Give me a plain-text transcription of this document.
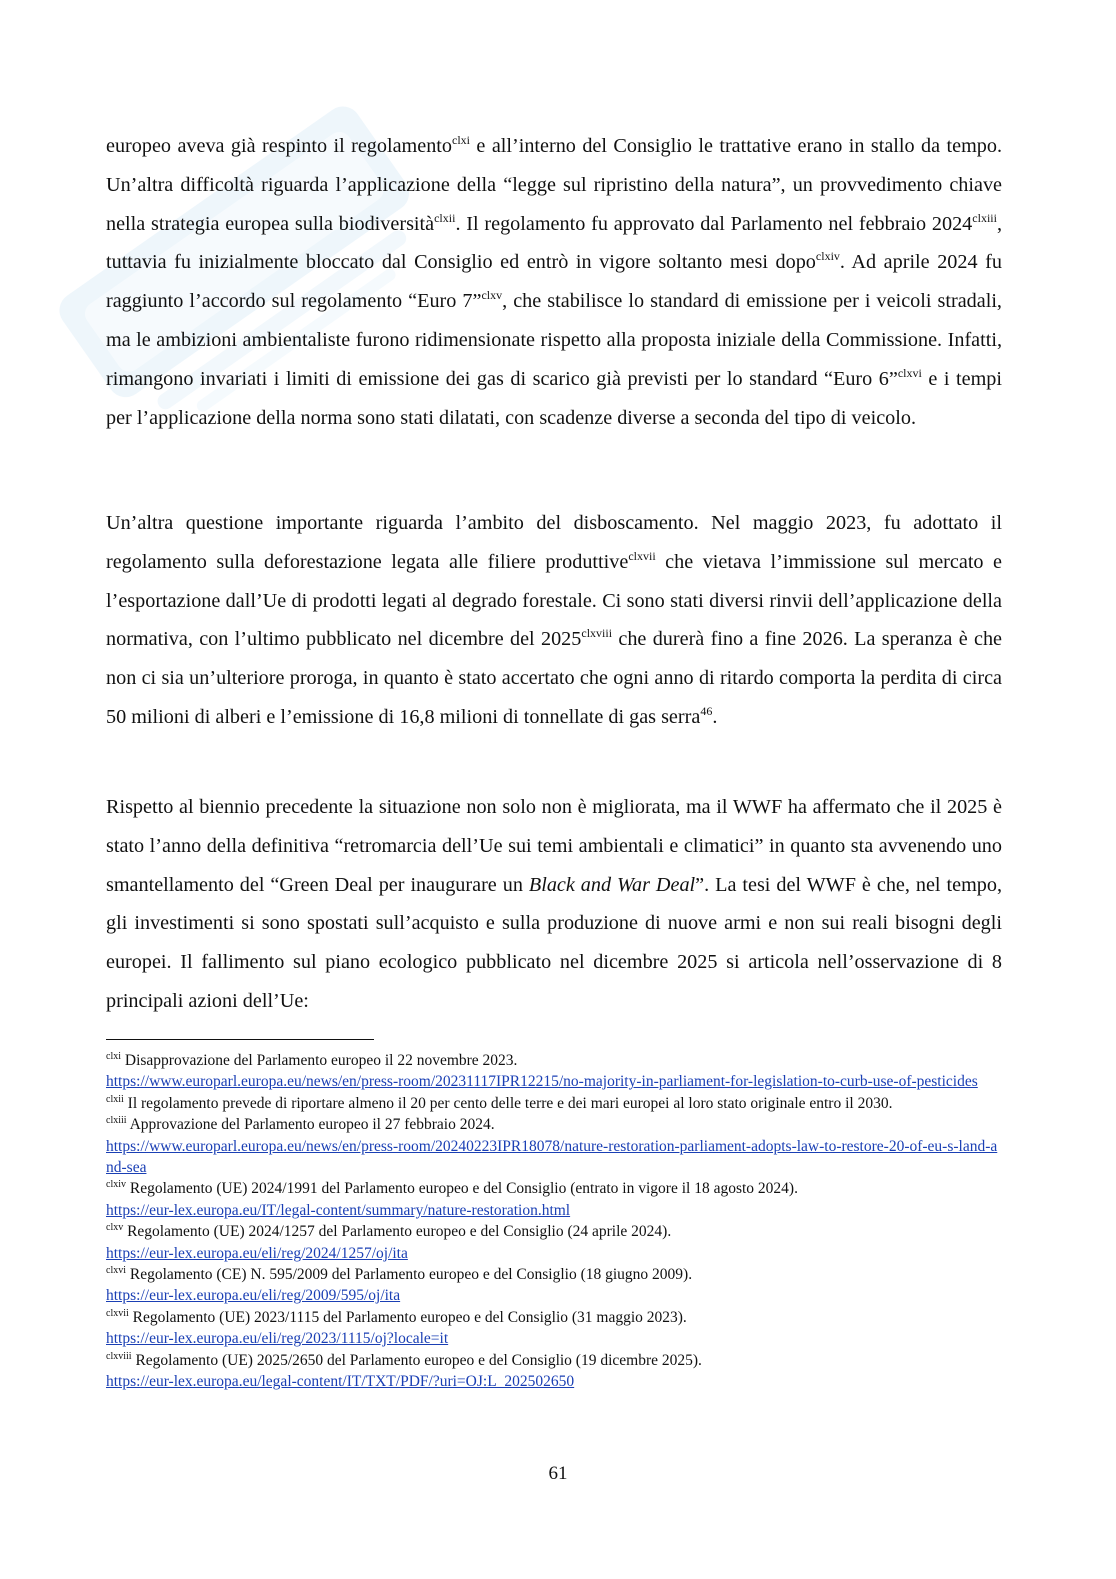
europeo aveva già respinto il regolamento$^{clxi}$ e all’interno del Consiglio le trattative erano in stallo da tempo. Un’altra difficoltà riguarda l’applicazione della “legge sul ripristino della natura”, un provvedimento chiave nella strategia europea sulla biodiversità$^{clxii}$. Il regolamento fu approvato dal Parlamento nel febbraio $2024^{clxiii}$, tuttavia fu inizialmente bloccato dal Consiglio ed entrò in vigore soltanto mesi dopo$^{clxiv}$. Ad aprile 2024 fu raggiunto l’accordo sul regolamento “Euro 7”$^{clxv}$, che stabilisce lo standard di emissione per i veicoli stradali, ma le ambizioni ambientaliste furono ridimensionate rispetto alla proposta iniziale della Commissione. Infatti, rimangono invariati i limiti di emissione dei gas di scarico già previsti per lo standard “Euro 6”$^{clxvi}$ e i tempi per l’applicazione della norma sono stati dilatati, con scadenze diverse a seconda del tipo di veicolo.

Un’altra questione importante riguarda l’ambito del disboscamento. Nel maggio 2023, fu adottato il regolamento sulla deforestazione legata alle filiere produttive$^{clxvii}$ che vietava l’immissione sul mercato e l’esportazione dall’Ue di prodotti legati al degrado forestale. Ci sono stati diversi rinvii dell’applicazione della normativa, con l’ultimo pubblicato nel dicembre del $2025^{clxviii}$ che durerà fino a fine 2026. La speranza è che non ci sia un’ulteriore proroga, in quanto è stato accertato che ogni anno di ritardo comporta la perdita di circa 50 milioni di alberi e l’emissione di 16,8 milioni di tonnellate di gas serra$^{46}$.

Rispetto al biennio precedente la situazione non solo non è migliorata, ma il WWF ha affermato che il 2025 è stato l’anno della definitiva “retromarcia dell’Ue sui temi ambientali e climatici” in quanto sta avvenendo uno smantellamento del “Green Deal per inaugurare un Black and War Deal”. La tesi del WWF è che, nel tempo, gli investimenti si sono spostati sull’acquisto e sulla produzione di nuove armi e non sui reali bisogni degli europei. Il fallimento sul piano ecologico pubblicato nel dicembre 2025 si articola nell’osservazione di 8 principali azioni dell’Ue:

$^{clxi}$ Disapprovazione del Parlamento europeo il 22 novembre 2023.
https://www.europarl.europa.eu/news/en/press-room/20231117IPR12215/no-majority-in-parliament-for-legislation-to-curb-use-of-pesticides
$^{clxii}$ Il regolamento prevede di riportare almeno il 20 per cento delle terre e dei mari europei al loro stato originale entro il 2030.
$^{clxiii}$ Approvazione del Parlamento europeo il 27 febbraio 2024.
https://www.europarl.europa.eu/news/en/press-room/20240223IPR18078/nature-restoration-parliament-adopts-law-to-restore-20-of-eu-s-land-and-sea
$^{clxiv}$ Regolamento (UE) 2024/1991 del Parlamento europeo e del Consiglio (entrato in vigore il 18 agosto 2024).
https://eur-lex.europa.eu/IT/legal-content/summary/nature-restoration.html
$^{clxv}$ Regolamento (UE) 2024/1257 del Parlamento europeo e del Consiglio (24 aprile 2024).
https://eur-lex.europa.eu/eli/reg/2024/1257/oj/ita
$^{clxvi}$ Regolamento (CE) N. 595/2009 del Parlamento europeo e del Consiglio (18 giugno 2009).
https://eur-lex.europa.eu/eli/reg/2009/595/oj/ita
$^{clxvii}$ Regolamento (UE) 2023/1115 del Parlamento europeo e del Consiglio (31 maggio 2023).
https://eur-lex.europa.eu/eli/reg/2023/1115/oj?locale=it
$^{clxviii}$ Regolamento (UE) 2025/2650 del Parlamento europeo e del Consiglio (19 dicembre 2025).
https://eur-lex.europa.eu/legal-content/IT/TXT/PDF/?uri=OJ:L_202502650
61
